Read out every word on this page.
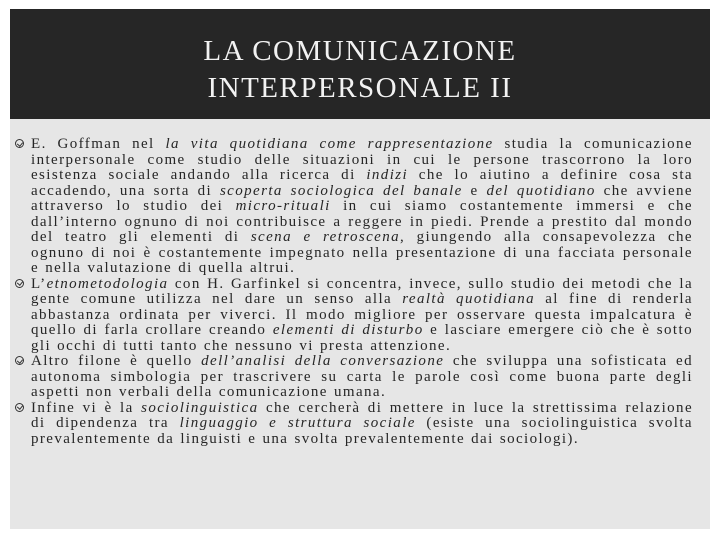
LA COMUNICAZIONE
INTERPERSONALE II
E. Goffman nel la vita quotidiana come rappresentazione studia la comunicazione interpersonale come studio delle situazioni in cui le persone trascorrono la loro esistenza sociale andando alla ricerca di indizi che lo aiutino a definire cosa sta accadendo, una sorta di scoperta sociologica del banale e del quotidiano che avviene attraverso lo studio dei micro-rituali in cui siamo costantemente immersi e che dall’interno ognuno di noi contribuisce a reggere in piedi. Prende a prestito dal mondo del teatro gli elementi di scena e retroscena, giungendo alla consapevolezza che ognuno di noi è costantemente impegnato nella presentazione di una facciata personale e nella valutazione di quella altrui.
L’etnometodologia con H. Garfinkel si concentra, invece, sullo studio dei metodi che la gente comune utilizza nel dare un senso alla realtà quotidiana al fine di renderla abbastanza ordinata per viverci. Il modo migliore per osservare questa impalcatura è quello di farla crollare creando elementi di disturbo e lasciare emergere ciò che è sotto gli occhi di tutti tanto che nessuno vi presta attenzione.
Altro filone è quello dell’analisi della conversazione che sviluppa una sofisticata ed autonoma simbologia per trascrivere su carta le parole così come buona parte degli aspetti non verbali della comunicazione umana.
Infine vi è la sociolinguistica che cercherà di mettere in luce la strettissima relazione di dipendenza tra linguaggio e struttura sociale (esiste una sociolinguistica svolta prevalentemente da linguisti e una svolta prevalentemente dai sociologi).
